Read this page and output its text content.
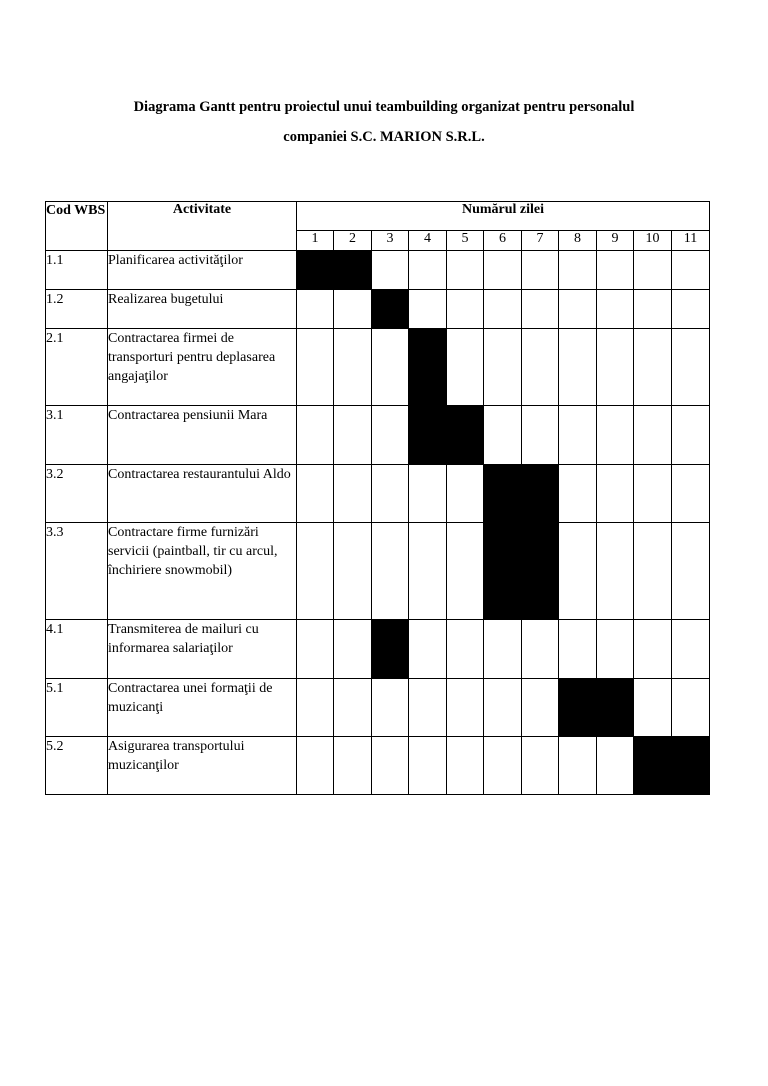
Diagrama Gantt pentru proiectul unui teambuilding organizat pentru personalul
companiei S.C. MARION S.R.L.
Cod WBS	Activitate	Numărul zilei										
		1	2	3	4	5	6	7	8	9	10	11
1.1	Planificarea activităţilor											
1.2	Realizarea bugetului											
2.1	Contractarea firmei de transporturi pentru deplasarea angajaţilor											
3.1	Contractarea pensiunii Mara											
3.2	Contractarea restaurantului Aldo											
3.3	Contractare firme furnizări servicii (paintball, tir cu arcul, închiriere snowmobil)											
4.1	Transmiterea de mailuri cu informarea salariaţilor											
5.1	Contractarea unei formaţii de muzicanţi											
5.2	Asigurarea transportului muzicanţilor											
